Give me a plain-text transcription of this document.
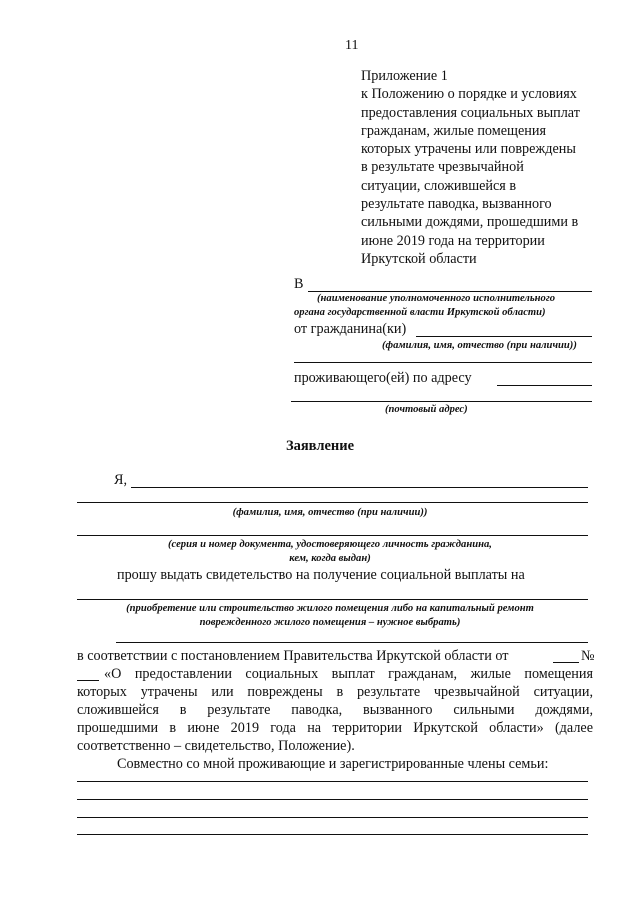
11
Приложение 1
к Положению о порядке и условиях
предоставления социальных выплат
гражданам, жилые помещения
которых утрачены или повреждены
в результате чрезвычайной
ситуации, сложившейся в
результате паводка, вызванного
сильными дождями, прошедшими в
июне 2019 года на территории
Иркутской области
В
(наименование уполномоченного исполнительного
органа государственной власти Иркутской области)
от гражданина(ки)
(фамилия, имя, отчество (при наличии))
проживающего(ей) по адресу
(почтовый адрес)
Заявление
Я,
(фамилия, имя, отчество (при наличии))
(серия и номер документа, удостоверяющего личность гражданина,
кем, когда выдан)
прошу выдать свидетельство на получение социальной выплаты на
(приобретение или строительство жилого помещения либо на капитальный ремонт
поврежденного жилого помещения – нужное выбрать)
в соответствии с постановлением Правительства Иркутской области от	№
«О предоставлении социальных выплат гражданам, жилые помещения
которых утрачены или повреждены в результате чрезвычайной ситуации,
сложившейся в результате паводка, вызванного сильными дождями,
прошедшими в июне 2019 года на территории Иркутской области» (далее
соответственно – свидетельство, Положение).
Совместно со мной проживающие и зарегистрированные члены семьи:
